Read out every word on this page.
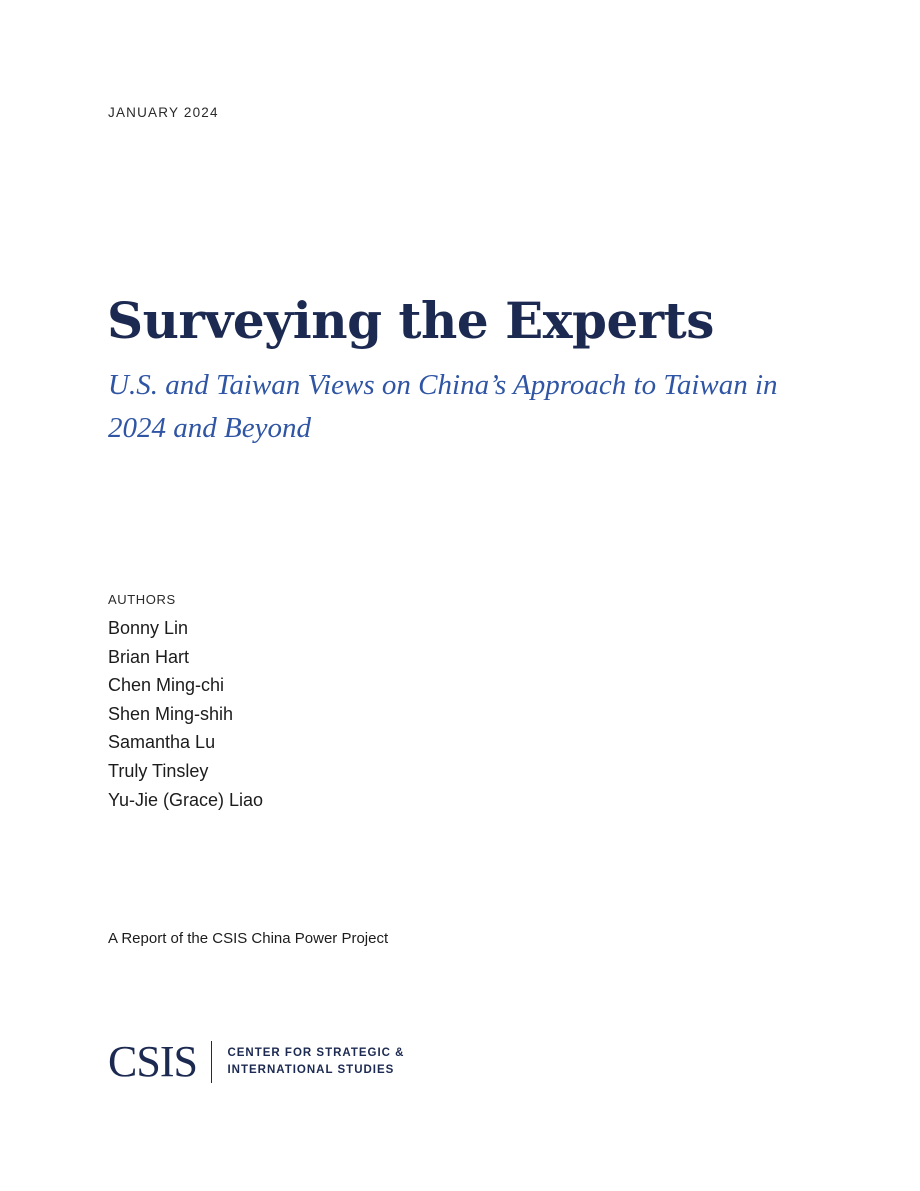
JANUARY 2024
Surveying the Experts

U.S. and Taiwan Views on China’s Approach to Taiwan in 2024 and Beyond

AUTHORS
Bonny Lin
Brian Hart
Chen Ming-chi
Shen Ming-shih
Samantha Lu
Truly Tinsley
Yu-Jie (Grace) Liao
A Report of the CSIS China Power Project
CSIS	CENTER FOR STRATEGIC &
INTERNATIONAL STUDIES
